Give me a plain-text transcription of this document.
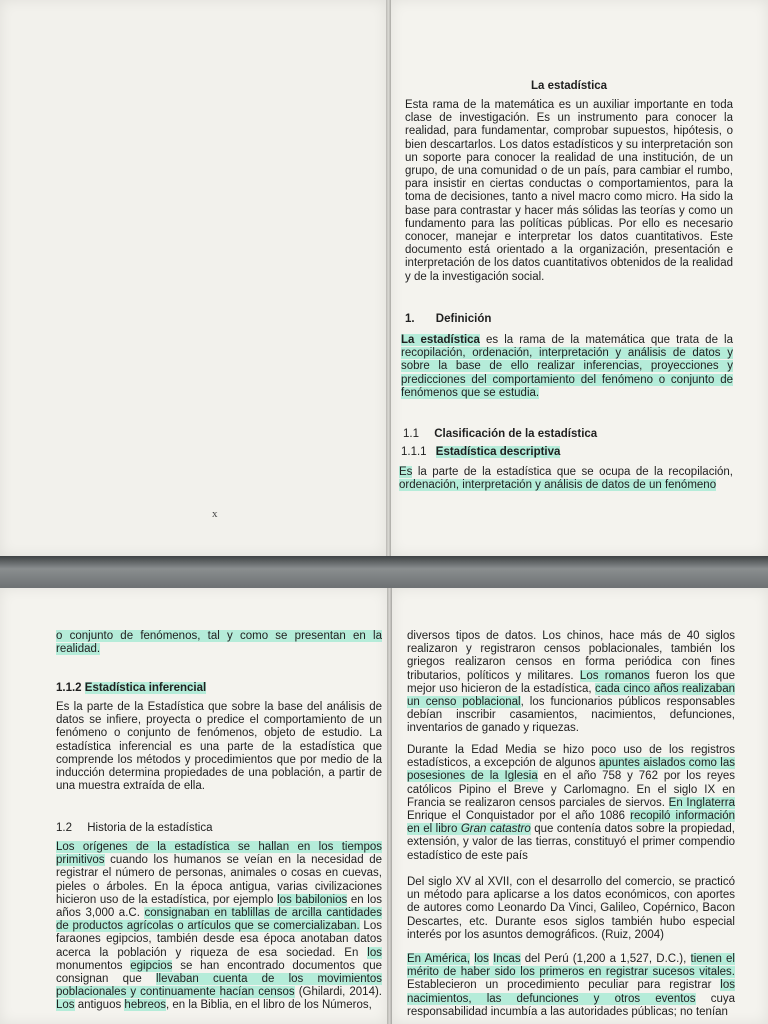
x
La estadística
Esta rama de la matemática es un auxiliar importante en toda clase de investigación. Es un instrumento para conocer la realidad, para fundamentar, comprobar supuestos, hipótesis, o bien descartarlos. Los datos estadísticos y su interpretación son un soporte para conocer la realidad de una institución, de un grupo, de una comunidad o de un país, para cambiar el rumbo, para insistir en ciertas conductas o comportamientos, para la toma de decisiones, tanto a nivel macro como micro. Ha sido la base para contrastar y hacer más sólidas las teorías y como un fundamento para las políticas públicas. Por ello es necesario conocer, manejar e interpretar los datos cuantitativos. Este documento está orientado a la organización, presentación e interpretación de los datos cuantitativos obtenidos de la realidad y de la investigación social.
1. Definición
La estadística es la rama de la matemática que trata de la recopilación, ordenación, interpretación y análisis de datos y sobre la base de ello realizar inferencias, proyecciones y predicciones del comportamiento del fenómeno o conjunto de fenómenos que se estudia.
1.1 Clasificación de la estadística
1.1.1 Estadística descriptiva
Es la parte de la estadística que se ocupa de la recopilación, ordenación, interpretación y análisis de datos de un fenómeno
o conjunto de fenómenos, tal y como se presentan en la realidad.
1.1.2 Estadística inferencial
Es la parte de la Estadística que sobre la base del análisis de datos se infiere, proyecta o predice el comportamiento de un fenómeno o conjunto de fenómenos, objeto de estudio. La estadística inferencial es una parte de la estadística que comprende los métodos y procedimientos que por medio de la inducción determina propiedades de una población, a partir de una muestra extraída de ella.
1.2 Historia de la estadística
Los orígenes de la estadística se hallan en los tiempos primitivos cuando los humanos se veían en la necesidad de registrar el número de personas, animales o cosas en cuevas, pieles o árboles. En la época antigua, varias civilizaciones hicieron uso de la estadística, por ejemplo los babilonios en los años 3,000 a.C. consignaban en tablillas de arcilla cantidades de productos agrícolas o artículos que se comercializaban. Los faraones egipcios, también desde esa época anotaban datos acerca la población y riqueza de esa sociedad. En los monumentos egipcios se han encontrado documentos que consignan que llevaban cuenta de los movimientos poblacionales y continuamente hacían censos (Ghilardi, 2014). Los antiguos hebreos, en la Biblia, en el libro de los Números,
diversos tipos de datos. Los chinos, hace más de 40 siglos realizaron y registraron censos poblacionales, también los griegos realizaron censos en forma periódica con fines tributarios, políticos y militares. Los romanos fueron los que mejor uso hicieron de la estadística, cada cinco años realizaban un censo poblacional, los funcionarios públicos responsables debían inscribir casamientos, nacimientos, defunciones, inventarios de ganado y riquezas.
Durante la Edad Media se hizo poco uso de los registros estadísticos, a excepción de algunos apuntes aislados como las posesiones de la Iglesia en el año 758 y 762 por los reyes católicos Pipino el Breve y Carlomagno. En el siglo IX en Francia se realizaron censos parciales de siervos. En Inglaterra Enrique el Conquistador por el año 1086 recopiló información en el libro Gran catastro que contenía datos sobre la propiedad, extensión, y valor de las tierras, constituyó el primer compendio estadístico de este país
Del siglo XV al XVII, con el desarrollo del comercio, se practicó un método para aplicarse a los datos económicos, con aportes de autores como Leonardo Da Vinci, Galileo, Copérnico, Bacon Descartes, etc. Durante esos siglos también hubo especial interés por los asuntos demográficos. (Ruiz, 2004)
En América, los Incas del Perú (1,200 a 1,527, D.C.), tienen el mérito de haber sido los primeros en registrar sucesos vitales. Establecieron un procedimiento peculiar para registrar los nacimientos, las defunciones y otros eventos cuya responsabilidad incumbía a las autoridades públicas; no tenían
